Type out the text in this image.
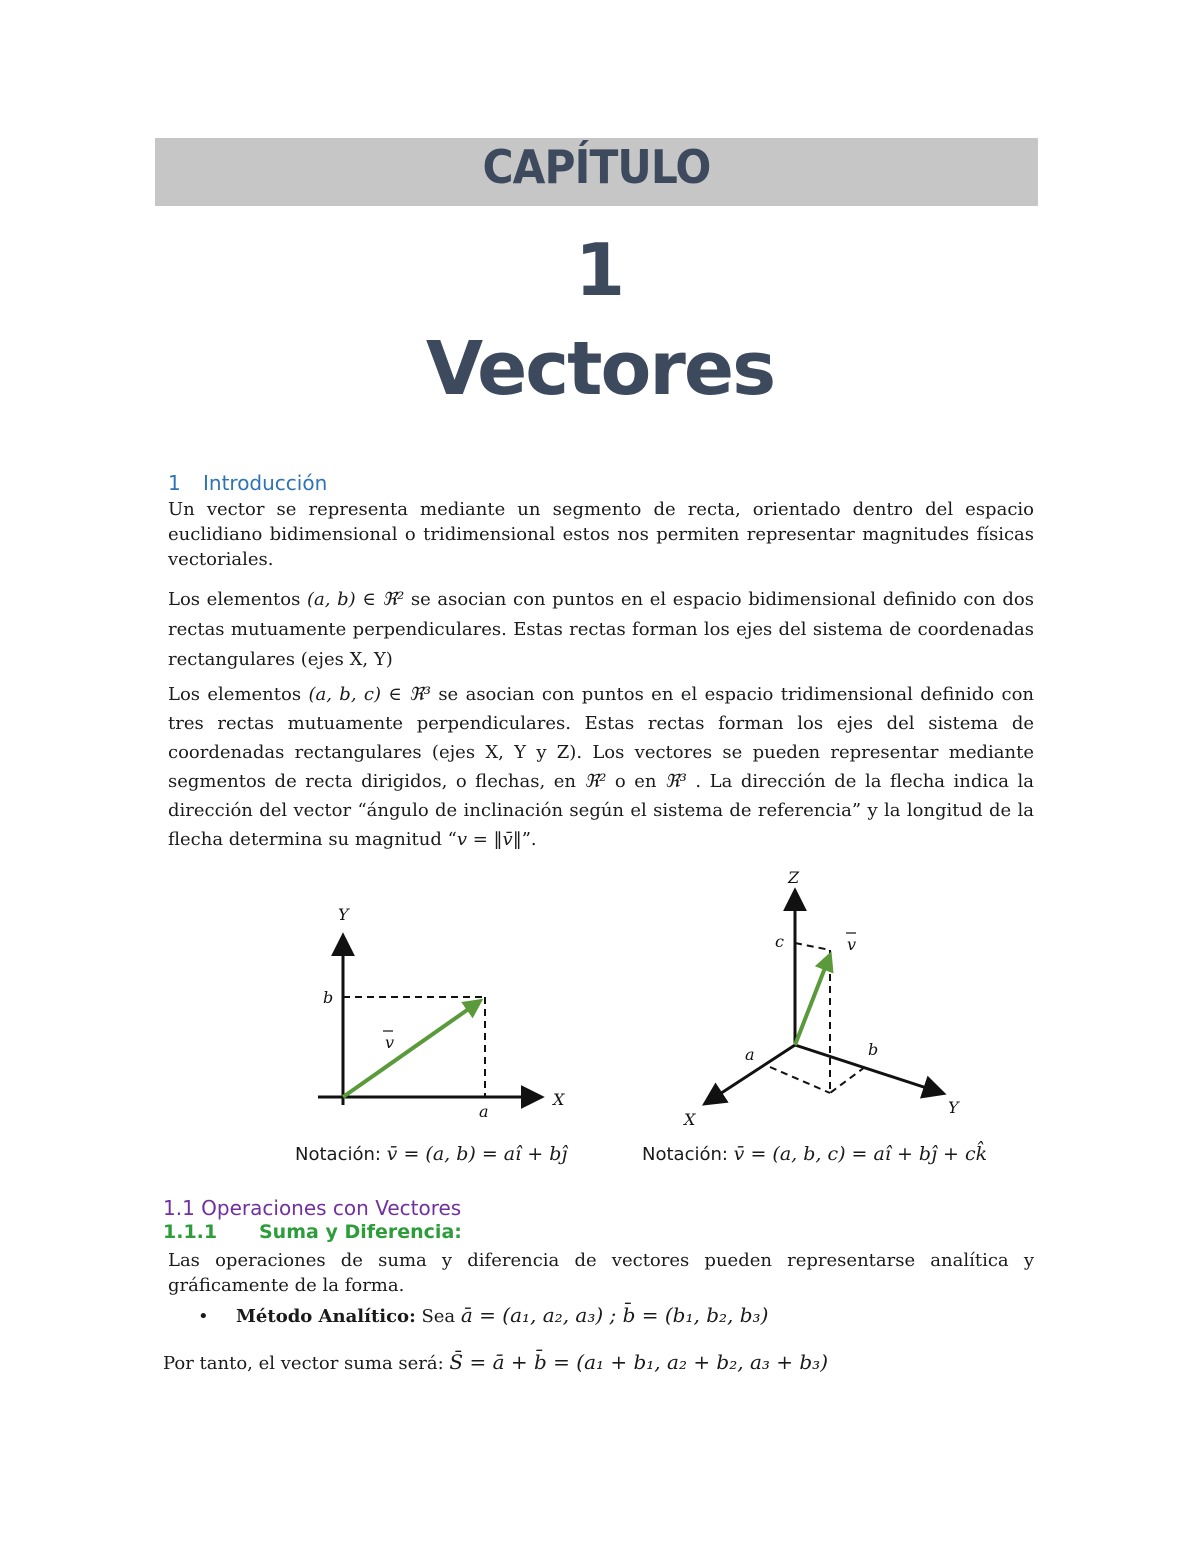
CAPÍTULO
1
Vectores
1 Introducción
Un vector se representa mediante un segmento de recta, orientado dentro del espacio euclidiano bidimensional o tridimensional estos nos permiten representar magnitudes físicas vectoriales.
Los elementos (a, b) ∈ ℜ² se asocian con puntos en el espacio bidimensional definido con dos rectas mutuamente perpendiculares. Estas rectas forman los ejes del sistema de coordenadas rectangulares (ejes X, Y)
Los elementos (a, b, c) ∈ ℜ³ se asocian con puntos en el espacio tridimensional definido con tres rectas mutuamente perpendiculares. Estas rectas forman los ejes del sistema de coordenadas rectangulares (ejes X, Y y Z). Los vectores se pueden representar mediante segmentos de recta dirigidos, o flechas, en ℜ² o en ℜ³ . La dirección de la flecha indica la dirección del vector “ángulo de inclinación según el sistema de referencia” y la longitud de la flecha determina su magnitud “v = ‖v̄‖”.
Y
X
b
a
v
Z
c	v
a	b
X
Y
Notación: v̄ = (a, b) = aî + bĵ	Notación: v̄ = (a, b, c) = aî + bĵ + ck̂
1.1 Operaciones con Vectores
1.1.1 Suma y Diferencia:
Las operaciones de suma y diferencia de vectores pueden representarse analítica y gráficamente de la forma.
• Método Analítico: Sea ā = (a₁, a₂, a₃) ; b̄ = (b₁, b₂, b₃)
Por tanto, el vector suma será: S̄ = ā + b̄ = (a₁ + b₁, a₂ + b₂, a₃ + b₃)
